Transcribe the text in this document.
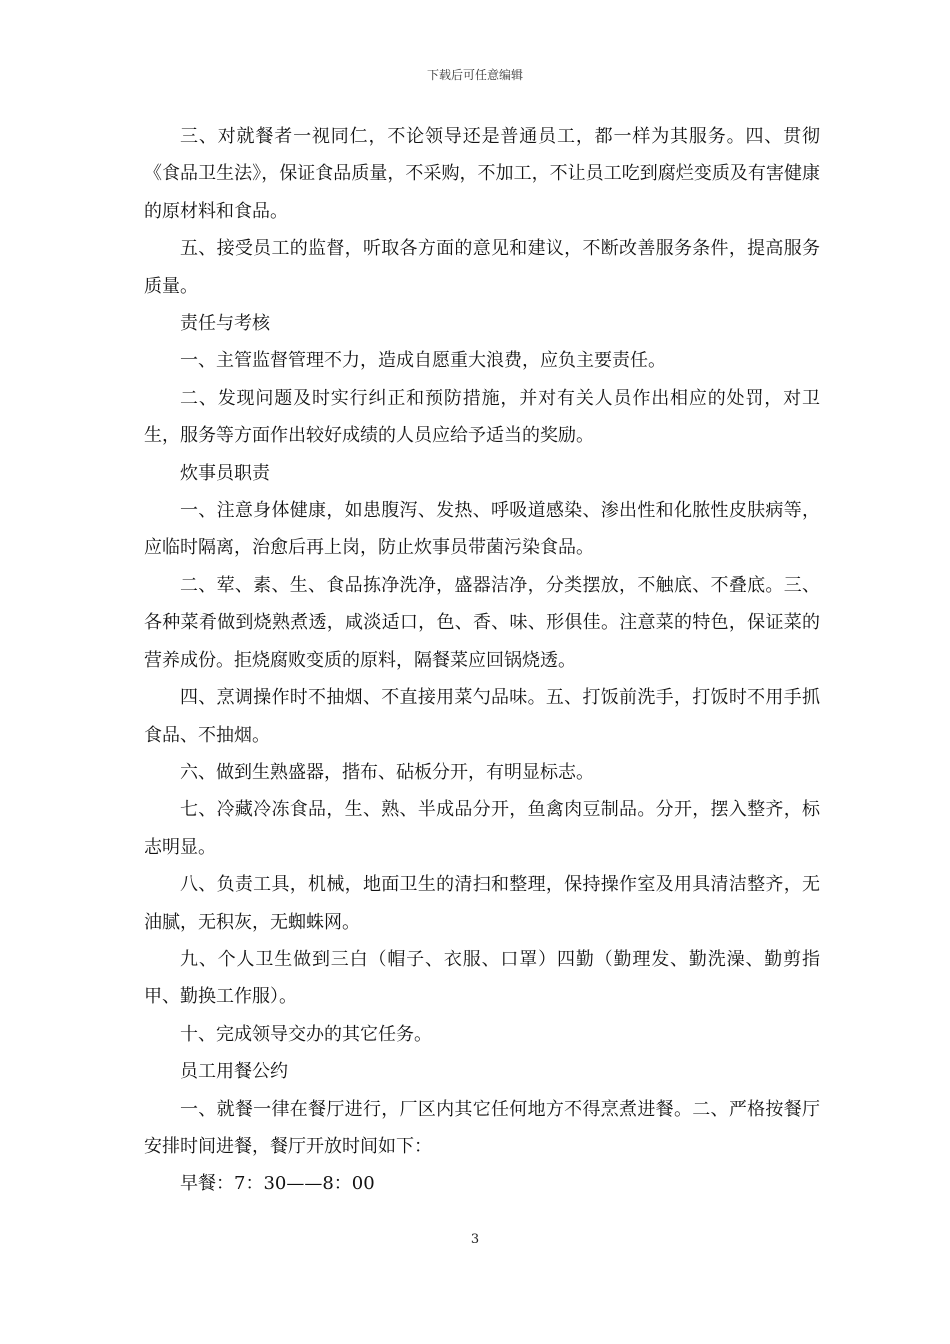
下载后可任意编辑

三、对就餐者一视同仁，不论领导还是普通员工，都一样为其服务。四、贯彻《食品卫生法》，保证食品质量，不采购，不加工，不让员工吃到腐烂变质及有害健康的原材料和食品。

五、接受员工的监督，听取各方面的意见和建议，不断改善服务条件，提高服务质量。

责任与考核

一、主管监督管理不力，造成自愿重大浪费，应负主要责任。

二、发现问题及时实行纠正和预防措施，并对有关人员作出相应的处罚，对卫生，服务等方面作出较好成绩的人员应给予适当的奖励。

炊事员职责

一、注意身体健康，如患腹泻、发热、呼吸道感染、渗出性和化脓性皮肤病等，应临时隔离，治愈后再上岗，防止炊事员带菌污染食品。

二、荤、素、生、食品拣净洗净，盛器洁净，分类摆放，不触底、不叠底。三、各种菜肴做到烧熟煮透，咸淡适口，色、香、味、形俱佳。注意菜的特色，保证菜的营养成份。拒烧腐败变质的原料，隔餐菜应回锅烧透。

四、烹调操作时不抽烟、不直接用菜勺品味。五、打饭前洗手，打饭时不用手抓食品、不抽烟。

六、做到生熟盛器，揩布、砧板分开，有明显标志。

七、冷藏冷冻食品，生、熟、半成品分开，鱼禽肉豆制品。分开，摆入整齐，标志明显。

八、负责工具，机械，地面卫生的清扫和整理，保持操作室及用具清洁整齐，无油腻，无积灰，无蜘蛛网。

九、个人卫生做到三白（帽子、衣服、口罩）四勤（勤理发、勤洗澡、勤剪指甲、勤换工作服）。

十、完成领导交办的其它任务。

员工用餐公约

一、就餐一律在餐厅进行，厂区内其它任何地方不得烹煮进餐。二、严格按餐厅安排时间进餐，餐厅开放时间如下：

早餐：7：30——8：00

3
